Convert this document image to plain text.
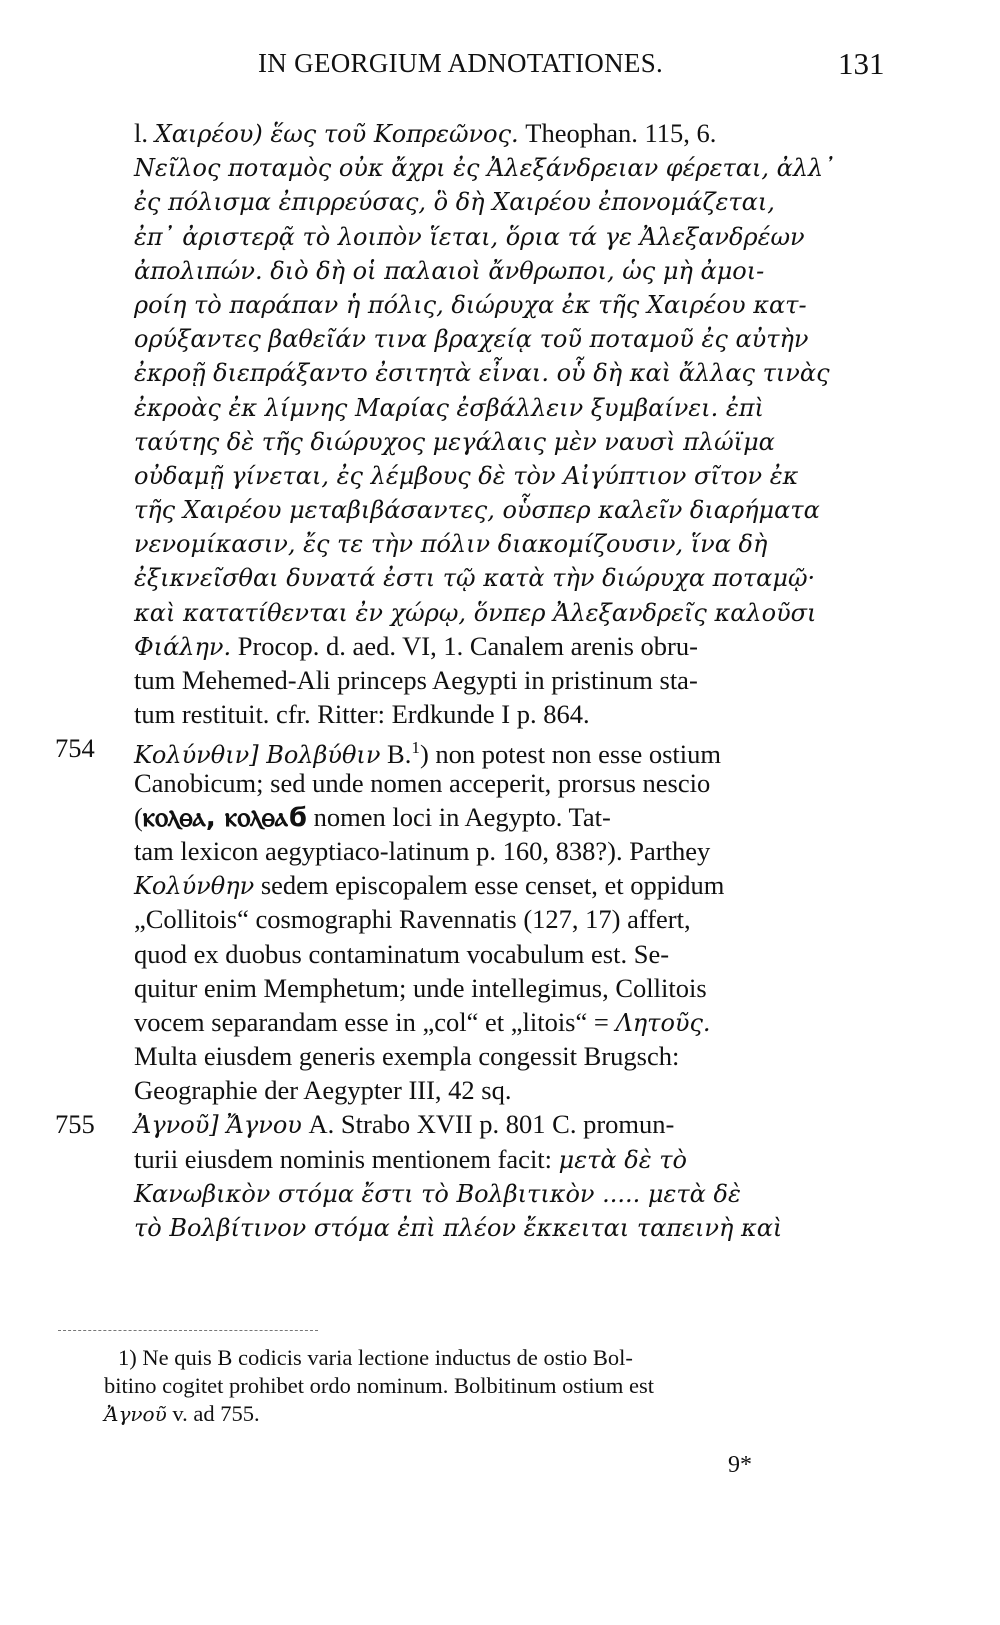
IN GEORGIUM ADNOTATIONES.	131
l. Χαιρέου) ἕως τοῦ Κοπρεῶνος. Theophan. 115, 6.
Νεῖλος ποταμὸς οὐκ ἄχρι ἐς Ἀλεξάνδρειαν φέρεται, ἀλλ᾽
ἐς πόλισμα ἐπιρρεύσας, ὃ δὴ Χαιρέου ἐπονομάζεται,
ἐπ᾽ ἀριστερᾷ τὸ λοιπὸν ἵεται, ὅρια τά γε Ἀλεξανδρέων
ἀπολιπών. διὸ δὴ οἱ παλαιοὶ ἄνθρωποι, ὡς μὴ ἀμοι-
ροίη τὸ παράπαν ἡ πόλις, διώρυχα ἐκ τῆς Χαιρέου κατ-
ορύξαντες βαθεῖάν τινα βραχείᾳ τοῦ ποταμοῦ ἐς αὐτὴν
ἐκροῇ διεπράξαντο ἐσιτητὰ εἶναι. οὗ δὴ καὶ ἄλλας τινὰς
ἐκροὰς ἐκ λίμνης Μαρίας ἐσβάλλειν ξυμβαίνει. ἐπὶ
ταύτης δὲ τῆς διώρυχος μεγάλαις μὲν ναυσὶ πλώϊμα
οὐδαμῇ γίνεται, ἐς λέμβους δὲ τὸν Αἰγύπτιον σῖτον ἐκ
τῆς Χαιρέου μεταβιβάσαντες, οὗσπερ καλεῖν διαρήματα
νενομίκασιν, ἔς τε τὴν πόλιν διακομίζουσιν, ἵνα δὴ
ἐξικνεῖσθαι δυνατά ἐστι τῷ κατὰ τὴν διώρυχα ποταμῷ·
καὶ κατατίθενται ἐν χώρῳ, ὅνπερ Ἀλεξανδρεῖς καλοῦσι
Φιάλην. Procop. d. aed. VI, 1. Canalem arenis obru-
tum Mehemed-Ali princeps Aegypti in pristinum sta-
tum restituit. cfr. Ritter: Erdkunde I p. 864.
754 Κολύνθιν] Βολβύθιν B.$^1$) non potest non esse ostium
Canobicum; sed unde nomen acceperit, prorsus nescio
(ⲕⲟⲗⲑⲁ, ⲕⲟⲗⲑⲁϭ nomen loci in Aegypto. Tat-
tam lexicon aegyptiaco-latinum p. 160, 838?). Parthey
Κολύνθην sedem episcopalem esse censet, et oppidum
„Collitois“ cosmographi Ravennatis (127, 17) affert,
quod ex duobus contaminatum vocabulum est. Se-
quitur enim Memphetum; unde intellegimus, Collitois
vocem separandam esse in „col“ et „litois“ = Λητοῦς.
Multa eiusdem generis exempla congessit Brugsch:
Geographie der Aegypter III, 42 sq.
755 Ἀγνοῦ] Ἄγνου A. Strabo XVII p. 801 C. promun-
turii eiusdem nominis mentionem facit: μετὰ δὲ τὸ
Κανωβικὸν στόμα ἔστι τὸ Βολβιτικὸν ..... μετὰ δὲ
τὸ Βολβίτινον στόμα ἐπὶ πλέον ἔκκειται ταπεινὴ καὶ
1) Ne quis B codicis varia lectione inductus de ostio Bol-
bitino cogitet prohibet ordo nominum. Bolbitinum ostium est
Ἀγνοῦ v. ad 755.
9*
